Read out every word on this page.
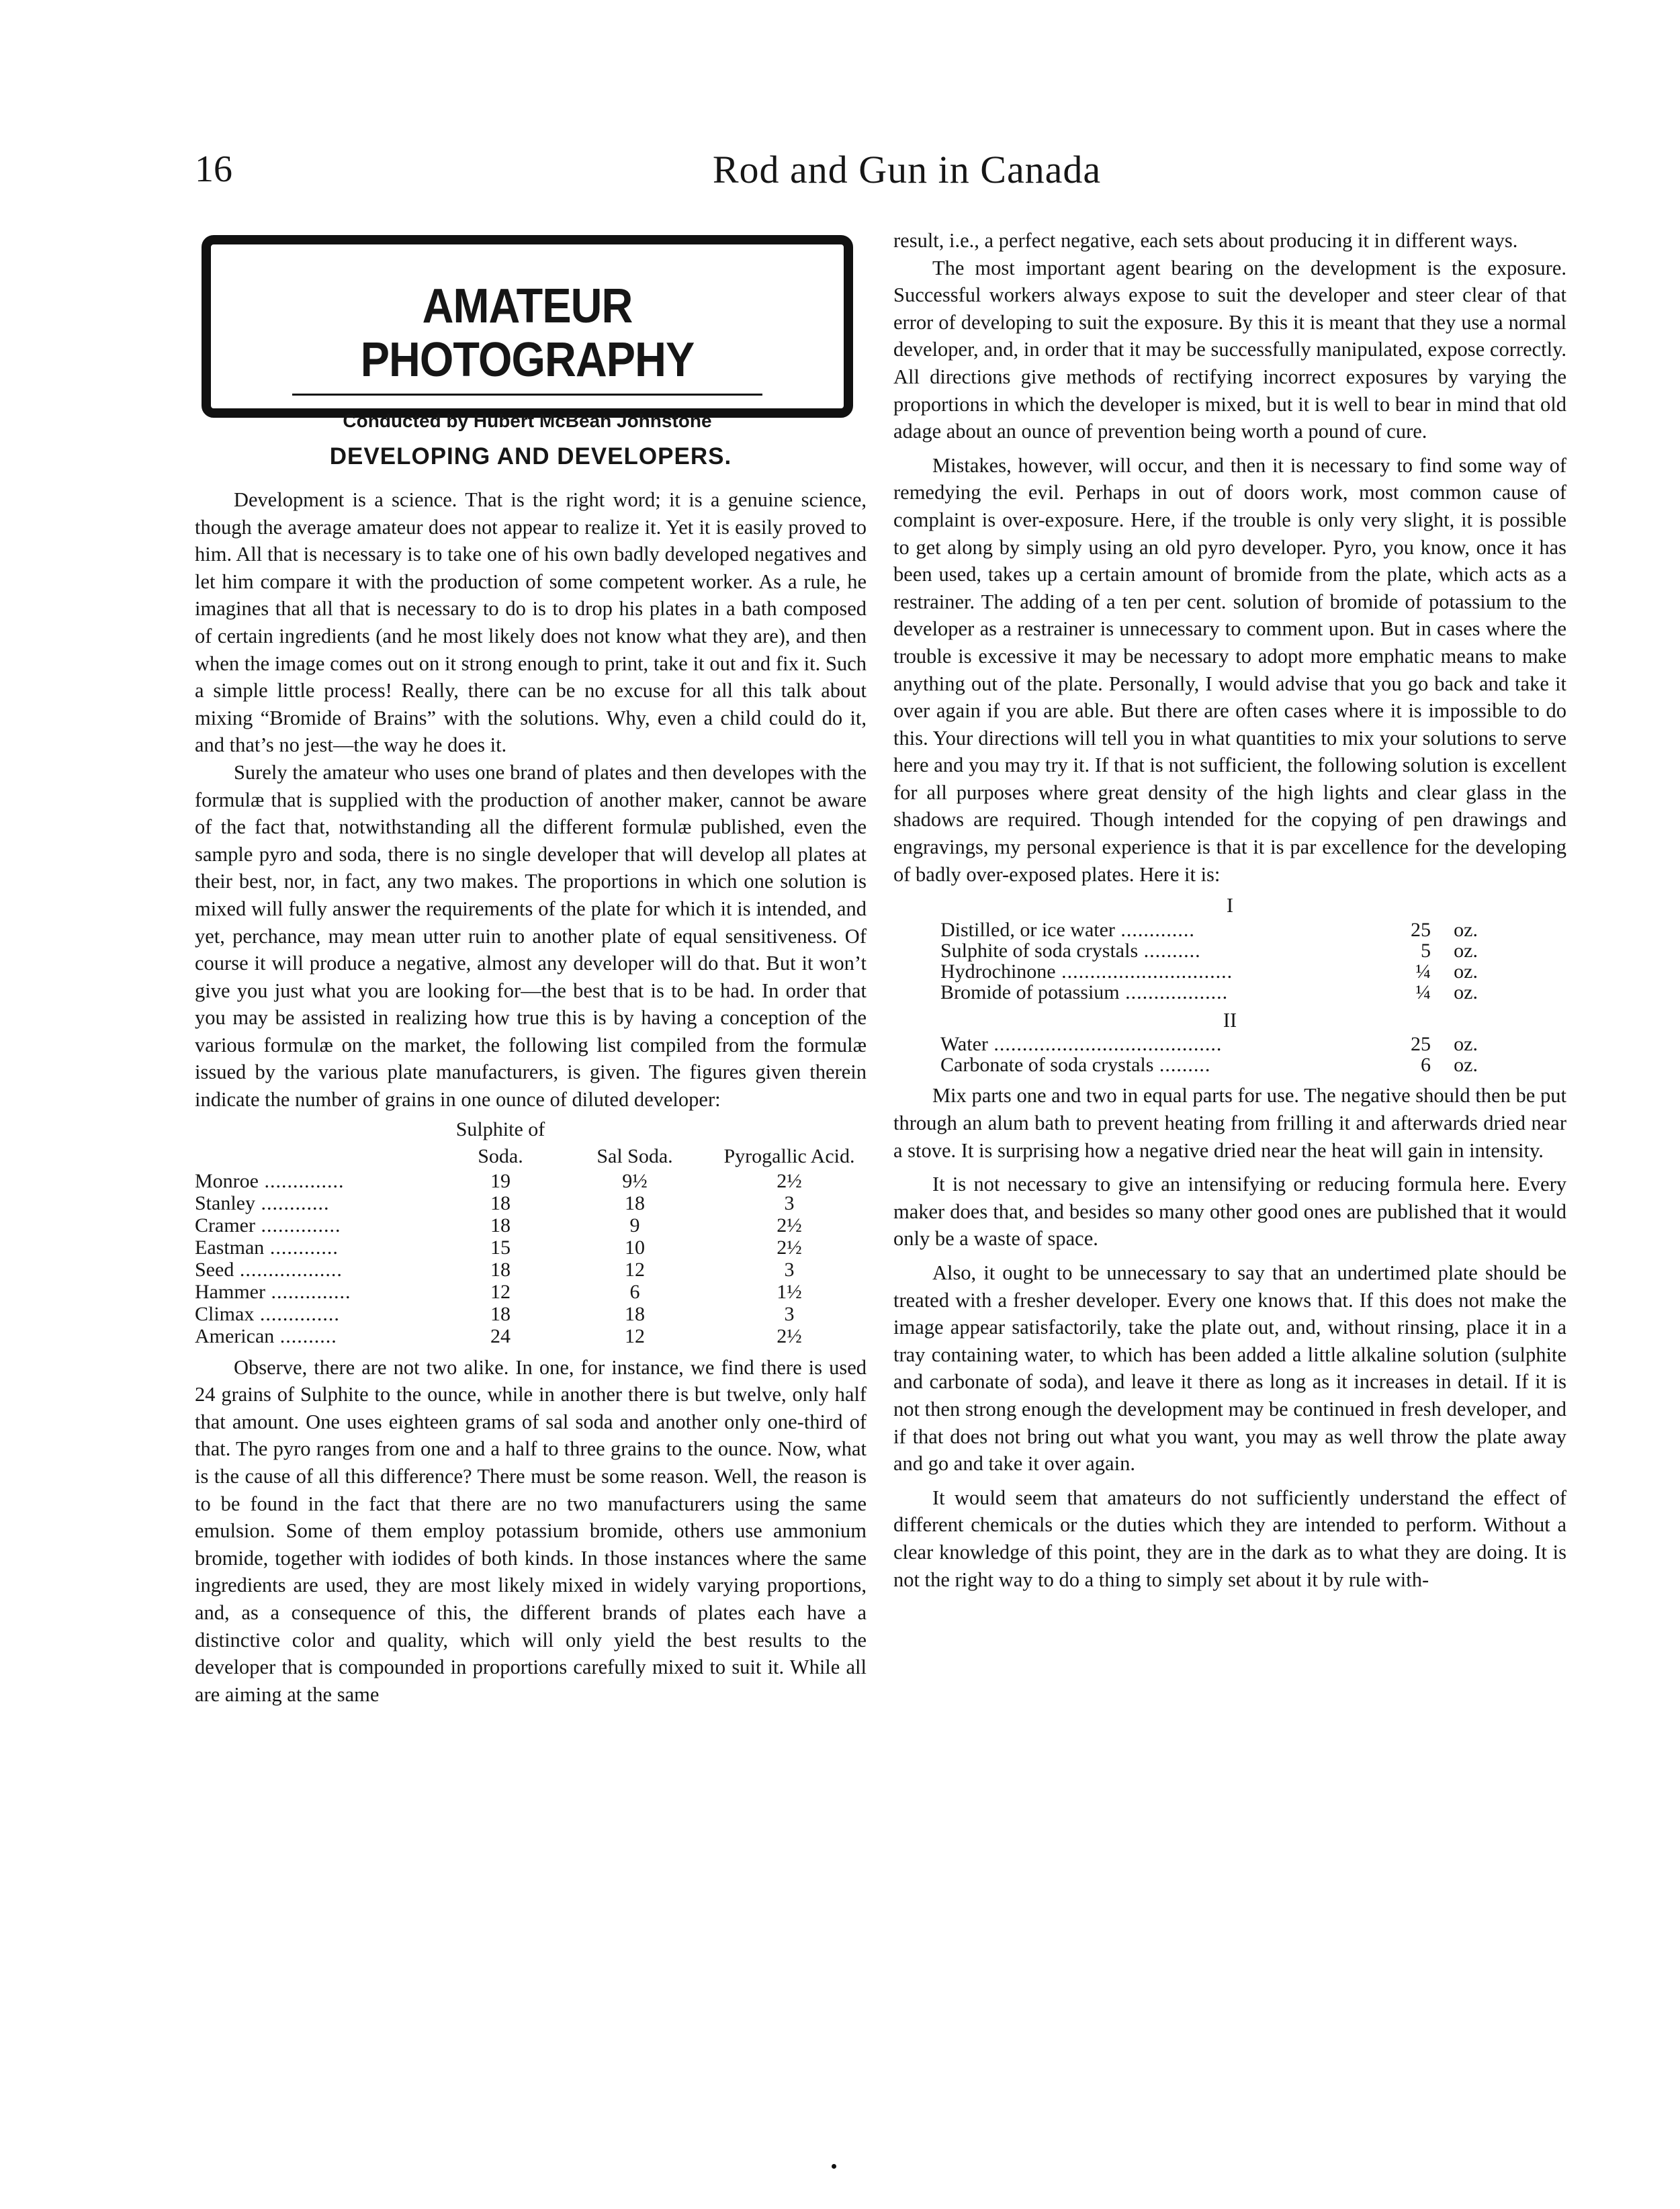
16	Rod and Gun in Canada
AMATEUR PHOTOGRAPHY
Conducted by Hubert McBean Johnstone
DEVELOPING AND DEVELOPERS.

Development is a science. That is the right word; it is a genuine science, though the average amateur does not appear to realize it. Yet it is easily proved to him. All that is necessary is to take one of his own badly developed negatives and let him compare it with the production of some competent worker. As a rule, he imagines that all that is necessary to do is to drop his plates in a bath composed of certain ingredients (and he most likely does not know what they are), and then when the image comes out on it strong enough to print, take it out and fix it. Such a simple little process! Really, there can be no excuse for all this talk about mixing “Bromide of Brains” with the solutions. Why, even a child could do it, and that’s no jest—the way he does it.

Surely the amateur who uses one brand of plates and then developes with the formulæ that is supplied with the production of another maker, cannot be aware of the fact that, notwithstanding all the different formulæ published, even the sample pyro and soda, there is no single developer that will develop all plates at their best, nor, in fact, any two makes. The proportions in which one solution is mixed will fully answer the requirements of the plate for which it is intended, and yet, perchance, may mean utter ruin to another plate of equal sensitiveness. Of course it will produce a negative, almost any developer will do that. But it won’t give you just what you are looking for—the best that is to be had. In order that you may be assisted in realizing how true this is by having a conception of the various formulæ on the market, the following list compiled from the formulæ issued by the various plate manufacturers, is given. The figures given therein indicate the number of grains in one ounce of diluted developer:

	Sulphite of Soda.	Sal Soda.	Pyrogallic Acid.
Monroe ..............	19	9½	2½
Stanley ............	18	18	3
Cramer ..............	18	9	2½
Eastman ............	15	10	2½
Seed ..................	18	12	3
Hammer ..............	12	6	1½
Climax ..............	18	18	3
American ..........	24	12	2½

Observe, there are not two alike. In one, for instance, we find there is used 24 grains of Sulphite to the ounce, while in another there is but twelve, only half that amount. One uses eighteen grams of sal soda and another only one-third of that. The pyro ranges from one and a half to three grains to the ounce. Now, what is the cause of all this difference? There must be some reason. Well, the reason is to be found in the fact that there are no two manufacturers using the same emulsion. Some of them employ potassium bromide, others use ammonium bromide, together with iodides of both kinds. In those instances where the same ingredients are used, they are most likely mixed in widely varying proportions, and, as a consequence of this, the different brands of plates each have a distinctive color and quality, which will only yield the best results to the developer that is compounded in proportions carefully mixed to suit it. While all are aiming at the same

result, i.e., a perfect negative, each sets about producing it in different ways.

The most important agent bearing on the development is the exposure. Successful workers always expose to suit the developer and steer clear of that error of developing to suit the exposure. By this it is meant that they use a normal developer, and, in order that it may be successfully manipulated, expose correctly. All directions give methods of rectifying incorrect exposures by varying the proportions in which the developer is mixed, but it is well to bear in mind that old adage about an ounce of prevention being worth a pound of cure.

Mistakes, however, will occur, and then it is necessary to find some way of remedying the evil. Perhaps in out of doors work, most common cause of complaint is over-exposure. Here, if the trouble is only very slight, it is possible to get along by simply using an old pyro developer. Pyro, you know, once it has been used, takes up a certain amount of bromide from the plate, which acts as a restrainer. The adding of a ten per cent. solution of bromide of potassium to the developer as a restrainer is unnecessary to comment upon. But in cases where the trouble is excessive it may be necessary to adopt more emphatic means to make anything out of the plate. Personally, I would advise that you go back and take it over again if you are able. But there are often cases where it is impossible to do this. Your directions will tell you in what quantities to mix your solutions to serve here and you may try it. If that is not sufficient, the following solution is excellent for all purposes where great density of the high lights and clear glass in the shadows are required. Though intended for the copying of pen drawings and engravings, my personal experience is that it is par excellence for the developing of badly over-exposed plates. Here it is:

I
Distilled, or ice water .............	25	oz.
Sulphite of soda crystals ..........	5	oz.
Hydrochinone ..............................	¼	oz.
Bromide of potassium ..................	¼	oz.
II
Water ........................................	25	oz.
Carbonate of soda crystals .........	6	oz.

Mix parts one and two in equal parts for use. The negative should then be put through an alum bath to prevent heating from frilling it and afterwards dried near a stove. It is surprising how a negative dried near the heat will gain in intensity.

It is not necessary to give an intensifying or reducing formula here. Every maker does that, and besides so many other good ones are published that it would only be a waste of space.

Also, it ought to be unnecessary to say that an undertimed plate should be treated with a fresher developer. Every one knows that. If this does not make the image appear satisfactorily, take the plate out, and, without rinsing, place it in a tray containing water, to which has been added a little alkaline solution (sulphite and carbonate of soda), and leave it there as long as it increases in detail. If it is not then strong enough the development may be continued in fresh developer, and if that does not bring out what you want, you may as well throw the plate away and go and take it over again.

It would seem that amateurs do not sufficiently understand the effect of different chemicals or the duties which they are intended to perform. Without a clear knowledge of this point, they are in the dark as to what they are doing. It is not the right way to do a thing to simply set about it by rule with-
